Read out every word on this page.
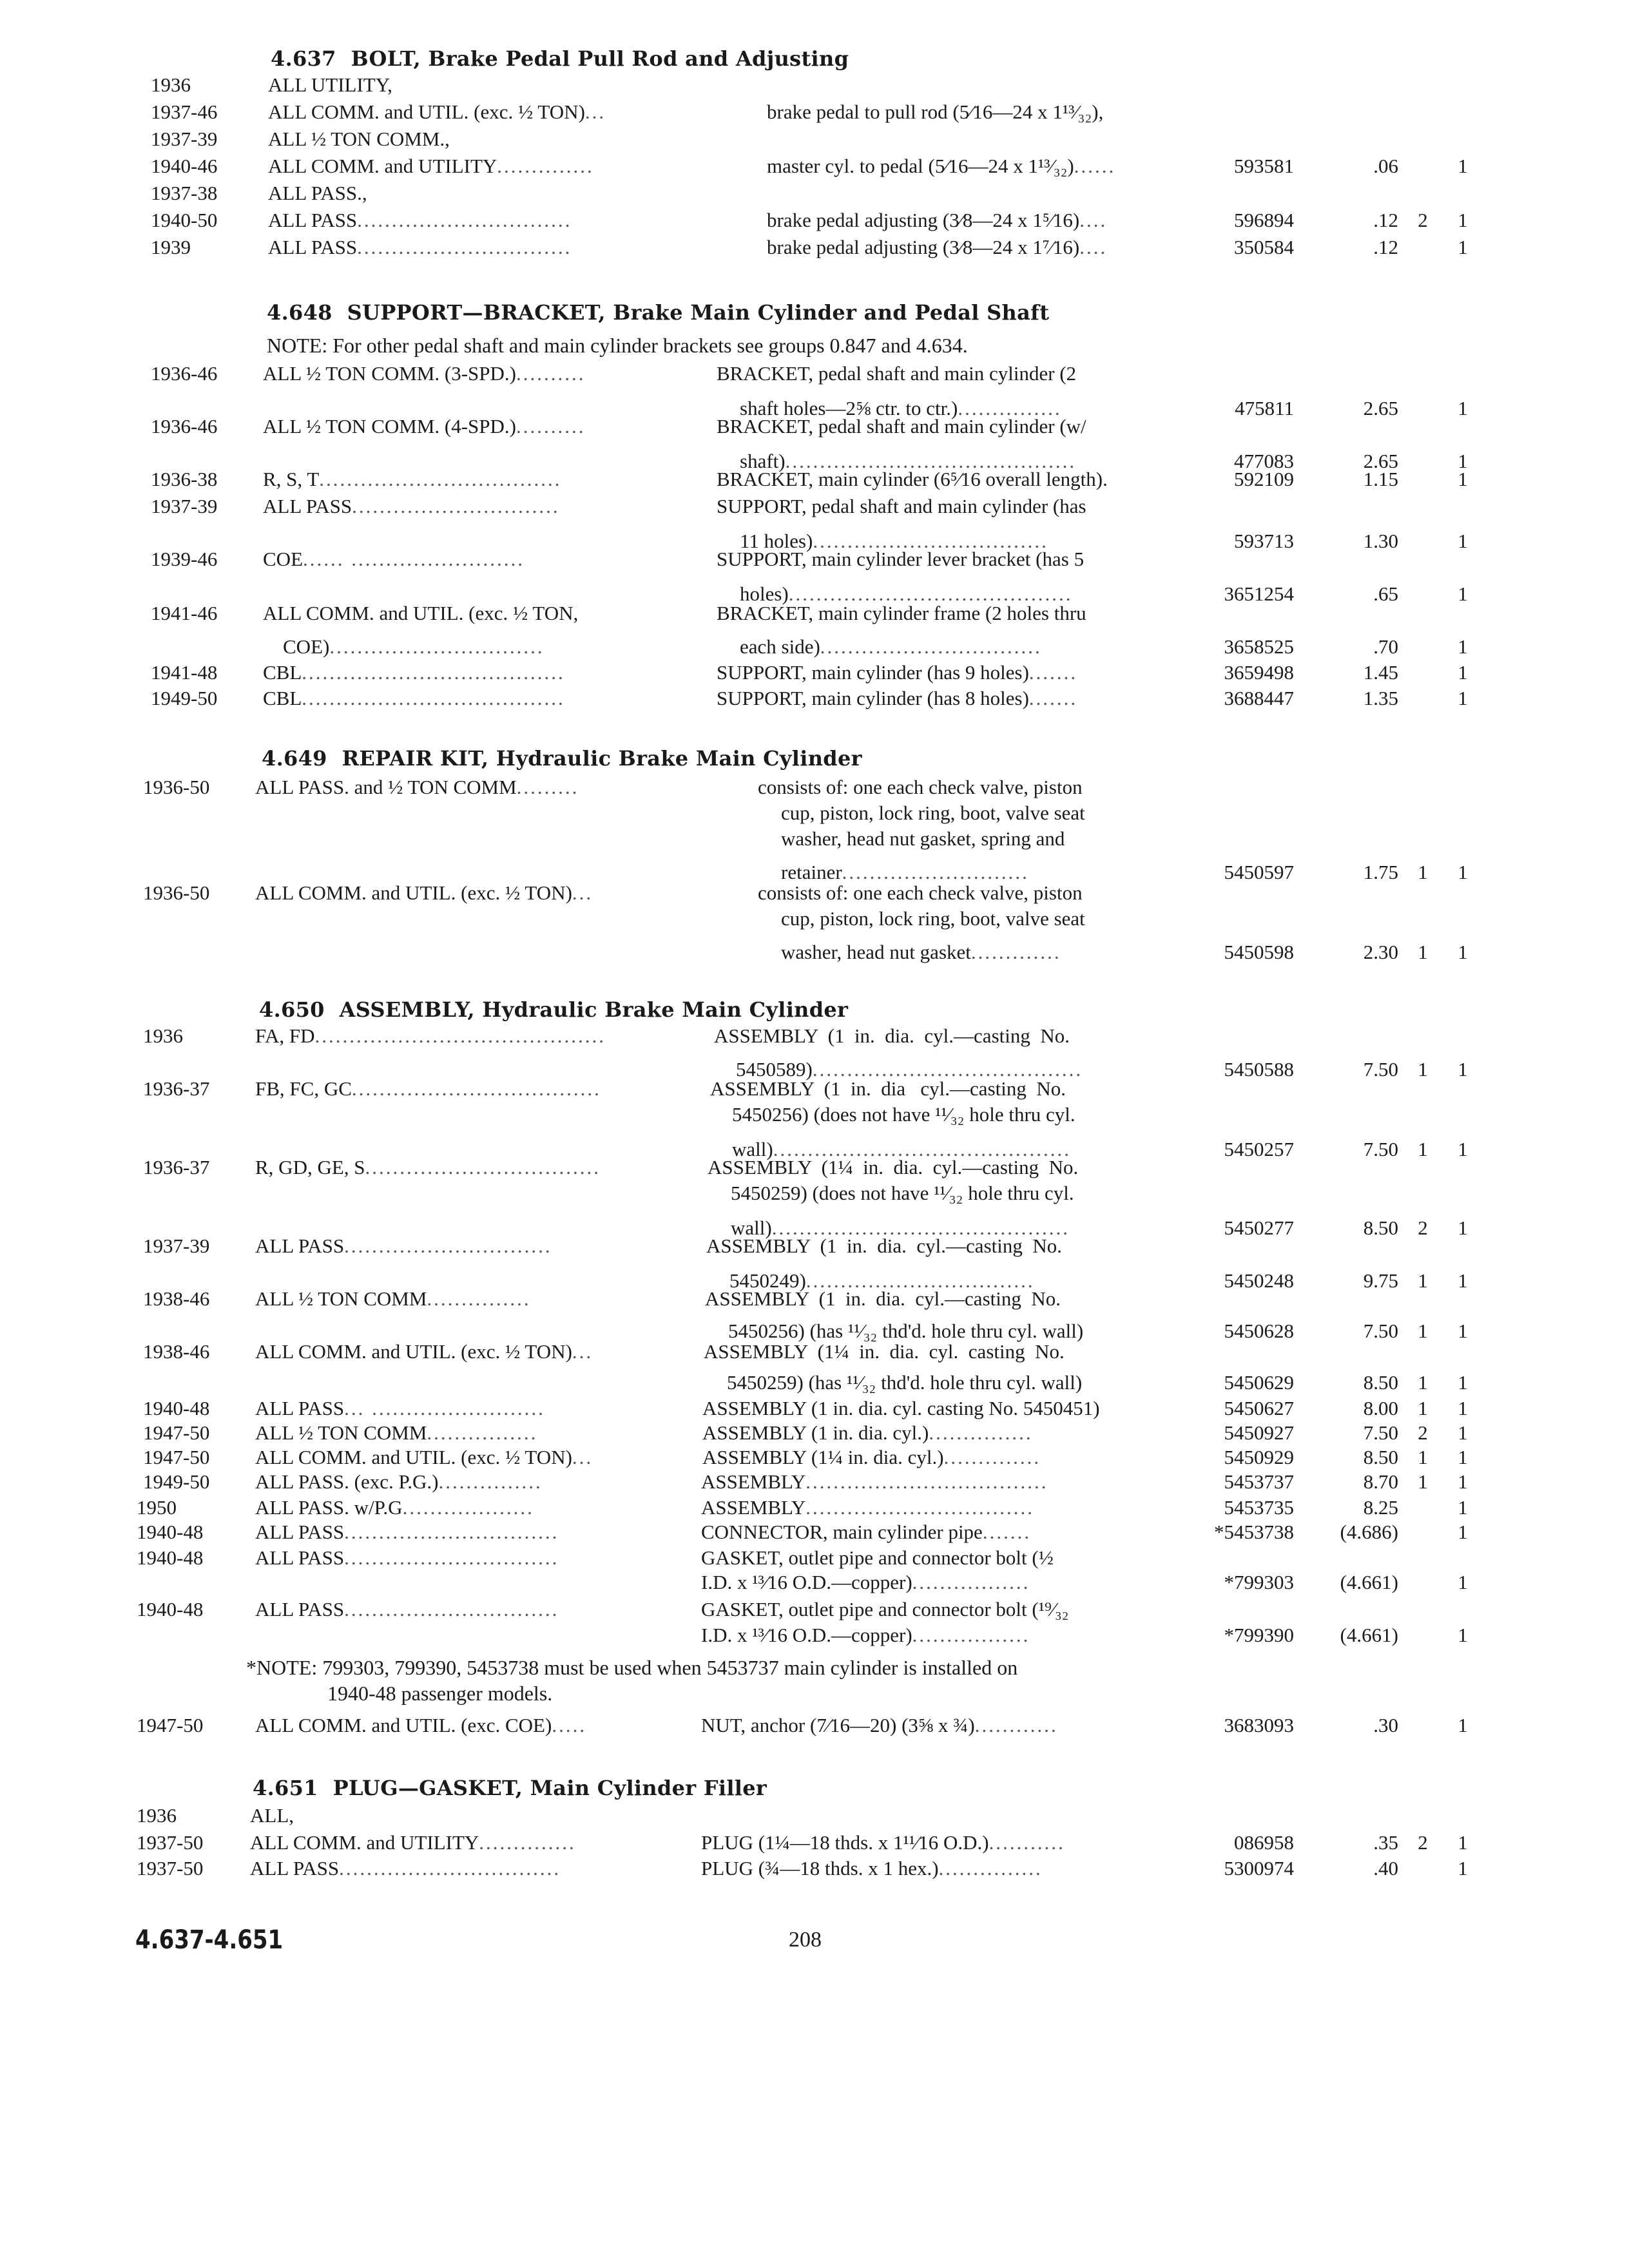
4.637  BOLT, Brake Pedal Pull Rod and Adjusting
1936	ALL UTILITY,
1937-46	ALL COMM. and UTIL. (exc. ½ TON)...	brake pedal to pull rod (5⁄16—24 x 1¹³⁄₃₂),
1937-39	ALL ½ TON COMM.,
1940-46	ALL COMM. and UTILITY..............	master cyl. to pedal (5⁄16—24 x 1¹³⁄₃₂)......	593581	.06	1
1937-38	ALL PASS.,
1940-50	ALL PASS...............................	brake pedal adjusting (3⁄8—24 x 1⁵⁄16)....	596894	.12 2 1
1939	ALL PASS...............................	brake pedal adjusting (3⁄8—24 x 1⁷⁄16)....	350584	.12	1
4.648  SUPPORT—BRACKET, Brake Main Cylinder and Pedal Shaft
NOTE: For other pedal shaft and main cylinder brackets see groups 0.847 and 4.634.
1936-46 ALL ½ TON COMM. (3-SPD.)..........	BRACKET, pedal shaft and main cylinder (2
shaft holes—2⅝ ctr. to ctr.)...............	475811	2.65	1
1936-46 ALL ½ TON COMM. (4-SPD.)..........	BRACKET, pedal shaft and main cylinder (w/
shaft)..........................................	477083	2.65	1
1936-38 R, S, T...................................	BRACKET, main cylinder (6⁵⁄16 overall length).	592109	1.15	1
1937-39 ALL PASS..............................	SUPPORT, pedal shaft and main cylinder (has
11 holes)..................................	593713	1.30	1
1939-46 COE...... .........................	SUPPORT, main cylinder lever bracket (has 5
holes).........................................	3651254	.65	1
1941-46 ALL COMM. and UTIL. (exc. ½ TON,	BRACKET, main cylinder frame (2 holes thru
COE)...............................	each side)................................	3658525	.70	1
1941-48 CBL......................................	SUPPORT, main cylinder (has 9 holes).......	3659498	1.45	1
1949-50 CBL......................................	SUPPORT, main cylinder (has 8 holes).......	3688447	1.35	1
4.649  REPAIR KIT, Hydraulic Brake Main Cylinder
1936-50 ALL PASS. and ½ TON COMM.........	consists of: one each check valve, piston
cup, piston, lock ring, boot, valve seat
washer, head nut gasket, spring and
retainer...........................	5450597	1.75 1 1
1936-50 ALL COMM. and UTIL. (exc. ½ TON)...	consists of: one each check valve, piston
cup, piston, lock ring, boot, valve seat
washer, head nut gasket.............	5450598	2.30 1 1
4.650  ASSEMBLY, Hydraulic Brake Main Cylinder
1936	FA, FD..........................................	ASSEMBLY  (1  in.  dia.  cyl.—casting  No.
5450589).......................................	5450588	7.50 1 1
1936-37 FB, FC, GC....................................	ASSEMBLY  (1  in.  dia   cyl.—casting  No.
5450256) (does not have ¹¹⁄₃₂ hole thru cyl.
wall)...........................................	5450257	7.50 1 1
1936-37 R, GD, GE, S..................................	ASSEMBLY  (1¼  in.  dia.  cyl.—casting  No.
5450259) (does not have ¹¹⁄₃₂ hole thru cyl.
wall)...........................................	5450277	8.50 2 1
1937-39 ALL PASS..............................	ASSEMBLY  (1  in.  dia.  cyl.—casting  No.
5450249).................................	5450248	9.75 1 1
1938-46 ALL ½ TON COMM...............	ASSEMBLY  (1  in.  dia.  cyl.—casting  No.
5450256) (has ¹¹⁄₃₂ thd'd. hole thru cyl. wall)	5450628	7.50 1 1
1938-46 ALL COMM. and UTIL. (exc. ½ TON)...	ASSEMBLY  (1¼  in.  dia.  cyl.  casting  No.
5450259) (has ¹¹⁄₃₂ thd'd. hole thru cyl. wall)	5450629	8.50 1 1
1940-48 ALL PASS... .........................	ASSEMBLY (1 in. dia. cyl. casting No. 5450451)	5450627	8.00 1 1
1947-50 ALL ½ TON COMM................	ASSEMBLY (1 in. dia. cyl.)...............	5450927	7.50 2 1
1947-50 ALL COMM. and UTIL. (exc. ½ TON)...	ASSEMBLY (1¼ in. dia. cyl.)..............	5450929	8.50 1 1
1949-50 ALL PASS. (exc. P.G.)...............	ASSEMBLY...................................	5453737	8.70 1 1
1950	ALL PASS. w/P.G...................	ASSEMBLY.................................	5453735	8.25	1
1940-48	ALL PASS...............................	CONNECTOR, main cylinder pipe.......	*5453738	(4.686)	1
1940-48	ALL PASS...............................	GASKET, outlet pipe and connector bolt (½
I.D. x ¹³⁄16 O.D.—copper).................	*799303	(4.661)	1
1940-48	ALL PASS...............................	GASKET, outlet pipe and connector bolt (¹⁹⁄₃₂
I.D. x ¹³⁄16 O.D.—copper).................	*799390	(4.661)	1
*NOTE: 799303, 799390, 5453738 must be used when 5453737 main cylinder is installed on
1940-48 passenger models.
1947-50	ALL COMM. and UTIL. (exc. COE).....	NUT, anchor (7⁄16—20) (3⅝ x ¾)............	3683093	.30	1
4.651  PLUG—GASKET, Main Cylinder Filler
1936	ALL,
1937-50 ALL COMM. and UTILITY..............	PLUG (1¼—18 thds. x 1¹¹⁄16 O.D.)...........	086958	.35 2 1
1937-50 ALL PASS................................	PLUG (¾—18 thds. x 1 hex.)...............	5300974	.40	1
4.637-4.651	208
